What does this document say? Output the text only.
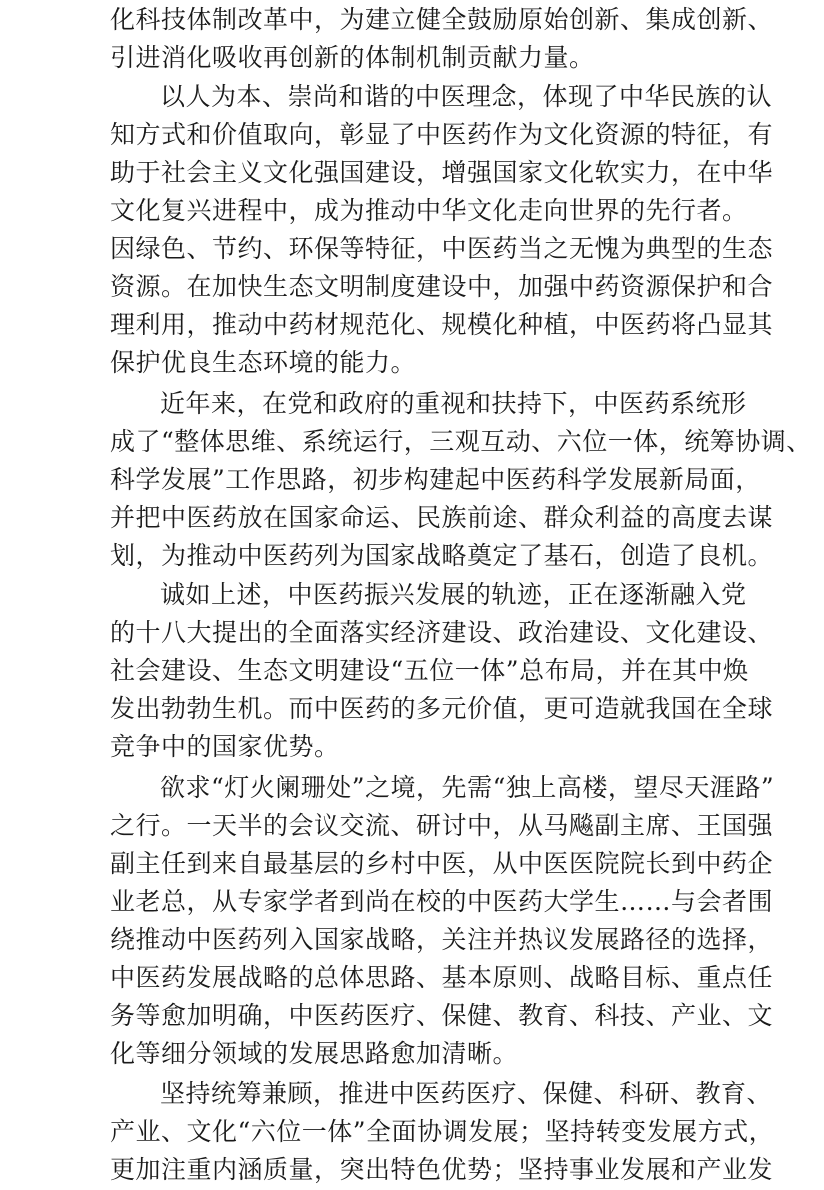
化科技体制改革中，为建立健全鼓励原始创新、集成创新、
引进消化吸收再创新的体制机制贡献力量。
以人为本、崇尚和谐的中医理念，体现了中华民族的认
知方式和价值取向，彰显了中医药作为文化资源的特征，有
助于社会主义文化强国建设，增强国家文化软实力，在中华
文化复兴进程中，成为推动中华文化走向世界的先行者。
因绿色、节约、环保等特征，中医药当之无愧为典型的生态
资源。在加快生态文明制度建设中，加强中药资源保护和合
理利用，推动中药材规范化、规模化种植，中医药将凸显其
保护优良生态环境的能力。
近年来，在党和政府的重视和扶持下，中医药系统形
成了“整体思维、系统运行，三观互动、六位一体，统筹协调、
科学发展”工作思路，初步构建起中医药科学发展新局面，
并把中医药放在国家命运、民族前途、群众利益的高度去谋
划，为推动中医药列为国家战略奠定了基石，创造了良机。
诚如上述，中医药振兴发展的轨迹，正在逐渐融入党
的十八大提出的全面落实经济建设、政治建设、文化建设、
社会建设、生态文明建设“五位一体”总布局，并在其中焕
发出勃勃生机。而中医药的多元价值，更可造就我国在全球
竞争中的国家优势。
欲求“灯火阑珊处”之境，先需“独上高楼，望尽天涯路”
之行。一天半的会议交流、研讨中，从马飚副主席、王国强
副主任到来自最基层的乡村中医，从中医医院院长到中药企
业老总，从专家学者到尚在校的中医药大学生……与会者围
绕推动中医药列入国家战略，关注并热议发展路径的选择，
中医药发展战略的总体思路、基本原则、战略目标、重点任
务等愈加明确，中医药医疗、保健、教育、科技、产业、文
化等细分领域的发展思路愈加清晰。
坚持统筹兼顾，推进中医药医疗、保健、科研、教育、
产业、文化“六位一体”全面协调发展；坚持转变发展方式，
更加注重内涵质量，突出特色优势；坚持事业发展和产业发
